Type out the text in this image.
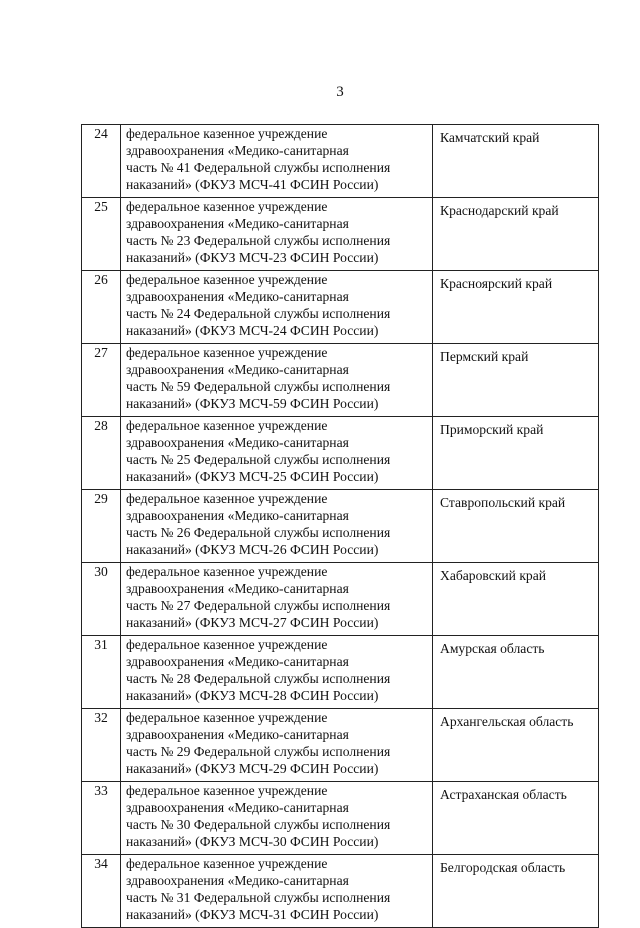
3
24	федеральное казенное учреждение
здравоохранения «Медико-санитарная
часть № 41 Федеральной службы исполнения
наказаний» (ФКУЗ МСЧ-41 ФСИН России)	Камчатский край
25	федеральное казенное учреждение
здравоохранения «Медико-санитарная
часть № 23 Федеральной службы исполнения
наказаний» (ФКУЗ МСЧ-23 ФСИН России)	Краснодарский край
26	федеральное казенное учреждение
здравоохранения «Медико-санитарная
часть № 24 Федеральной службы исполнения
наказаний» (ФКУЗ МСЧ-24 ФСИН России)	Красноярский край
27	федеральное казенное учреждение
здравоохранения «Медико-санитарная
часть № 59 Федеральной службы исполнения
наказаний» (ФКУЗ МСЧ-59 ФСИН России)	Пермский край
28	федеральное казенное учреждение
здравоохранения «Медико-санитарная
часть № 25 Федеральной службы исполнения
наказаний» (ФКУЗ МСЧ-25 ФСИН России)	Приморский край
29	федеральное казенное учреждение
здравоохранения «Медико-санитарная
часть № 26 Федеральной службы исполнения
наказаний» (ФКУЗ МСЧ-26 ФСИН России)	Ставропольский край
30	федеральное казенное учреждение
здравоохранения «Медико-санитарная
часть № 27 Федеральной службы исполнения
наказаний» (ФКУЗ МСЧ-27 ФСИН России)	Хабаровский край
31	федеральное казенное учреждение
здравоохранения «Медико-санитарная
часть № 28 Федеральной службы исполнения
наказаний» (ФКУЗ МСЧ-28 ФСИН России)	Амурская область
32	федеральное казенное учреждение
здравоохранения «Медико-санитарная
часть № 29 Федеральной службы исполнения
наказаний» (ФКУЗ МСЧ-29 ФСИН России)	Архангельская область
33	федеральное казенное учреждение
здравоохранения «Медико-санитарная
часть № 30 Федеральной службы исполнения
наказаний» (ФКУЗ МСЧ-30 ФСИН России)	Астраханская область
34	федеральное казенное учреждение
здравоохранения «Медико-санитарная
часть № 31 Федеральной службы исполнения
наказаний» (ФКУЗ МСЧ-31 ФСИН России)	Белгородская область
